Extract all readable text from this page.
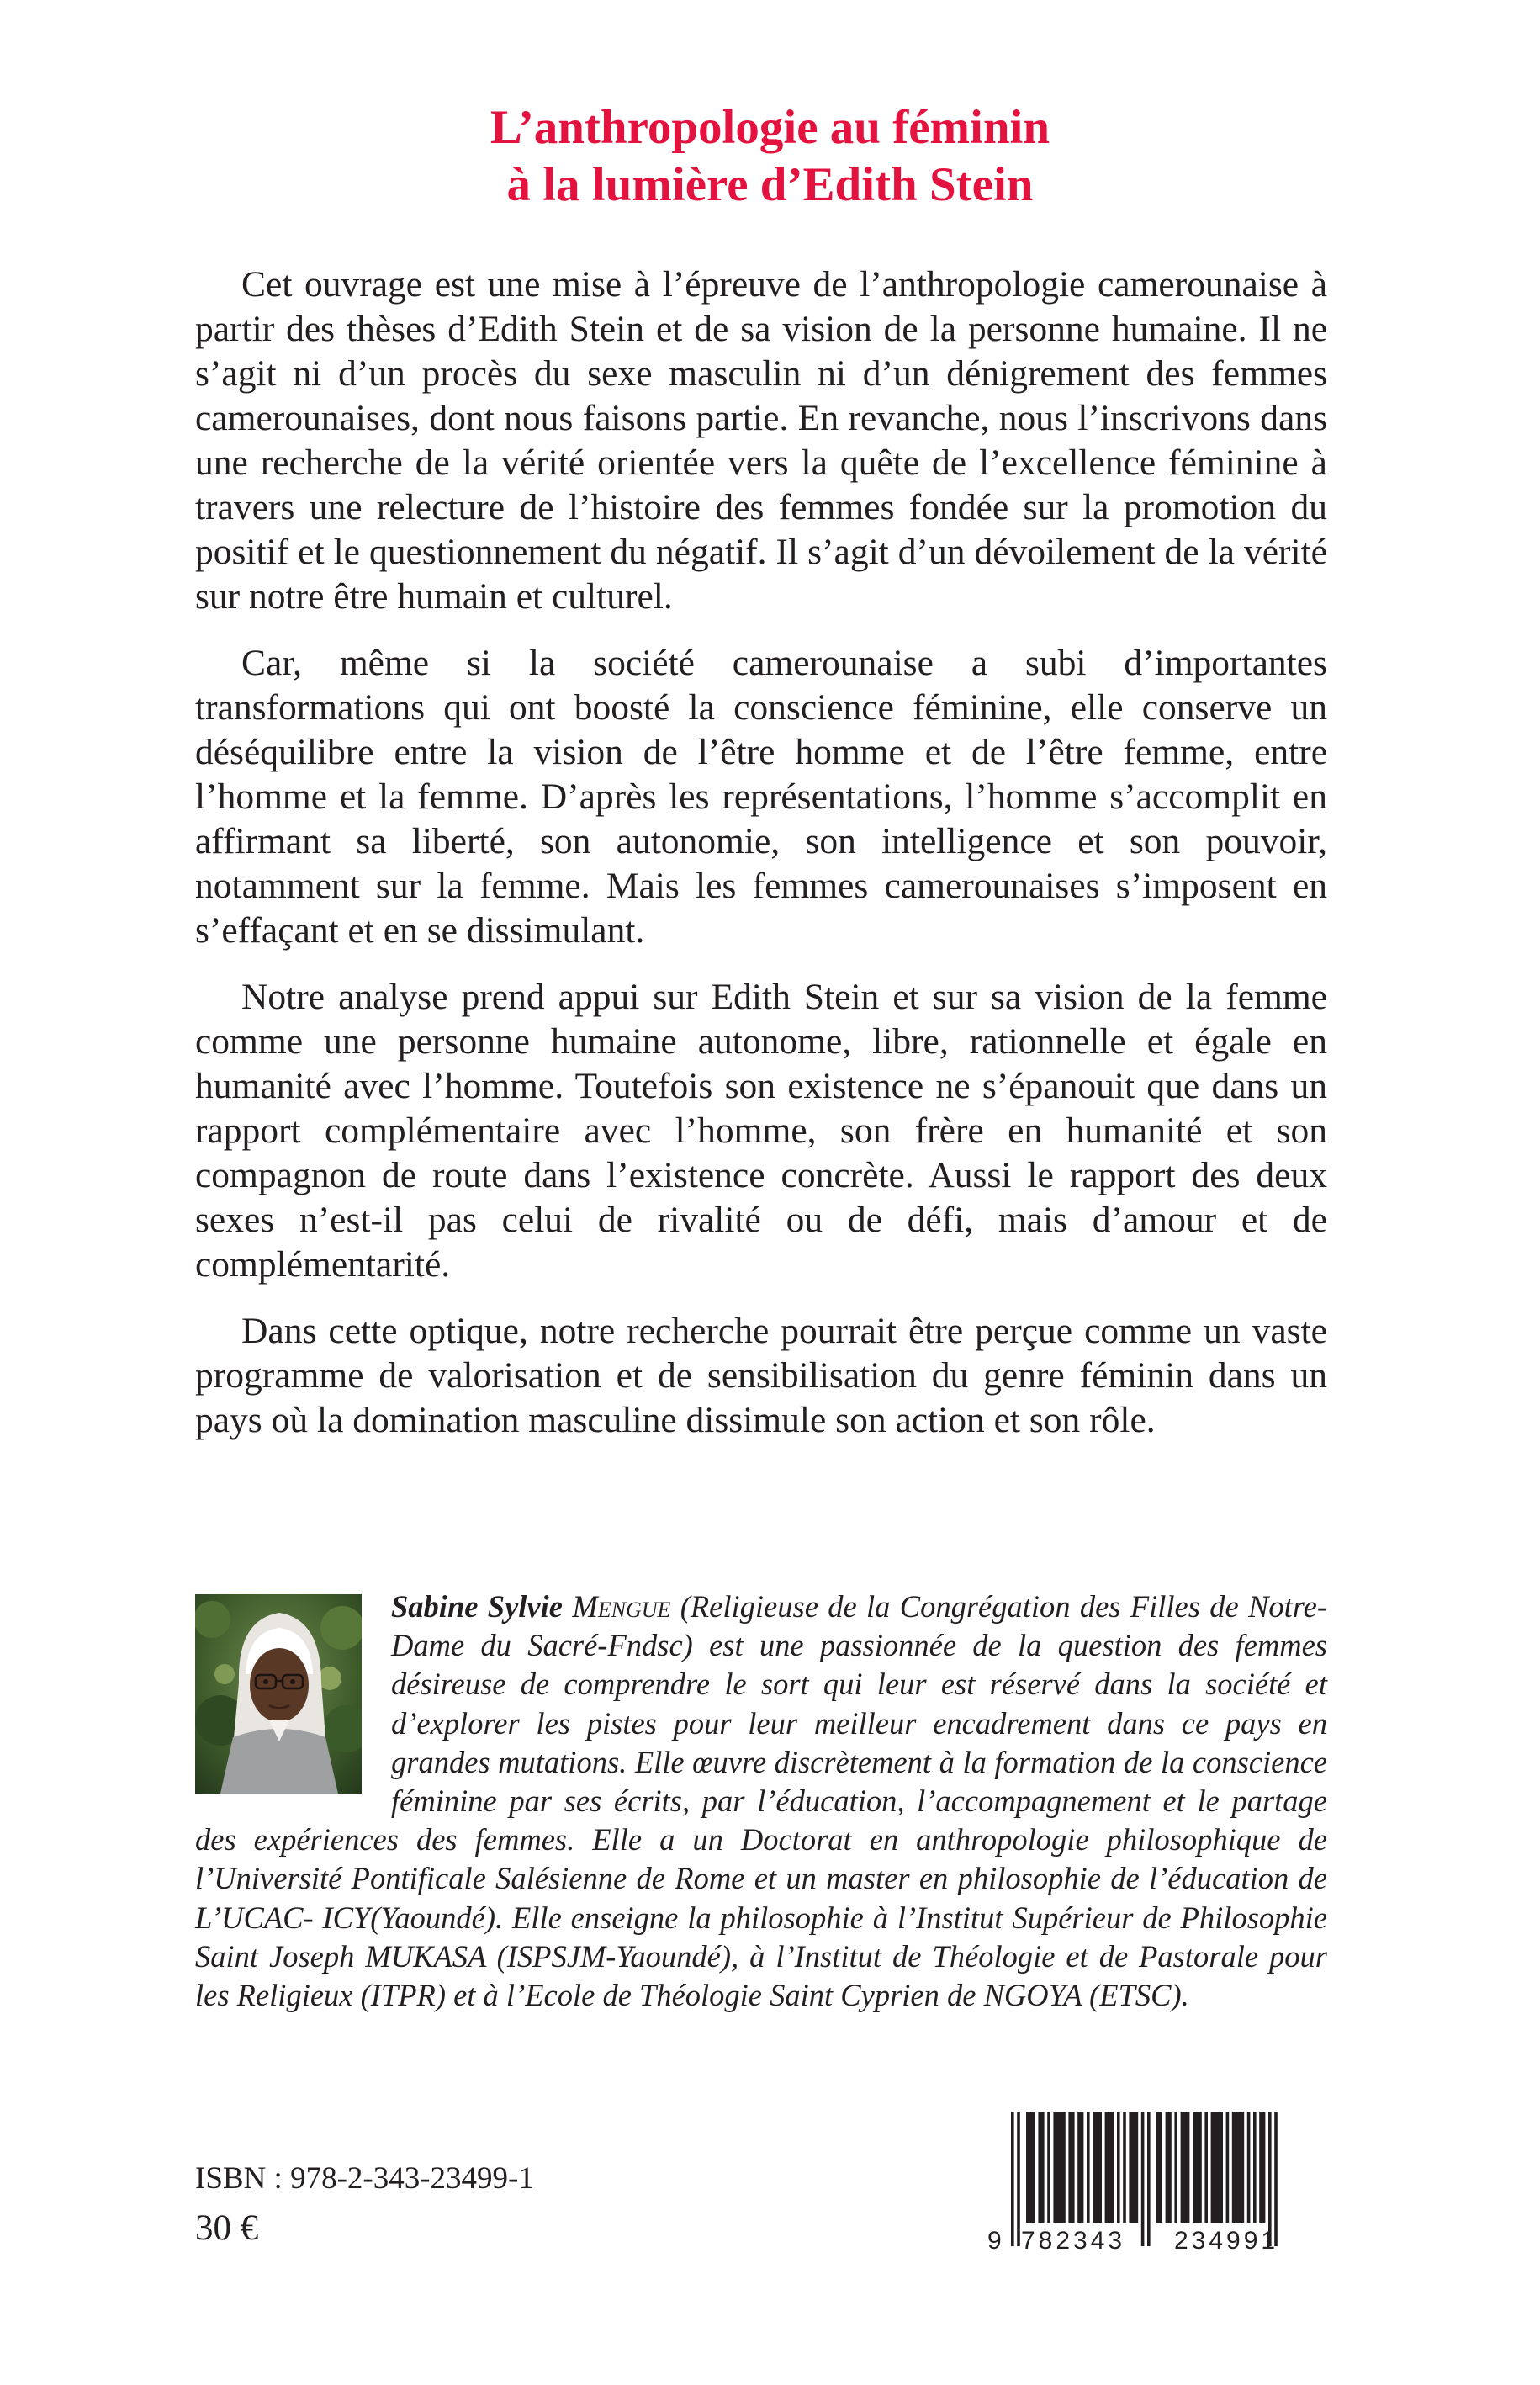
L’anthropologie au féminin
à la lumière d’Edith Stein

Cet ouvrage est une mise à l’épreuve de l’anthropologie camerounaise à partir des thèses d’Edith Stein et de sa vision de la personne humaine. Il ne s’agit ni d’un procès du sexe masculin ni d’un dénigrement des femmes camerounaises, dont nous faisons partie. En revanche, nous l’inscrivons dans une recherche de la vérité orientée vers la quête de l’excellence féminine à travers une relecture de l’histoire des femmes fondée sur la promotion du positif et le questionnement du négatif. Il s’agit d’un dévoilement de la vérité sur notre être humain et culturel.

Car, même si la société camerounaise a subi d’importantes transformations qui ont boosté la conscience féminine, elle conserve un déséquilibre entre la vision de l’être homme et de l’être femme, entre l’homme et la femme. D’après les représentations, l’homme s’accomplit en affirmant sa liberté, son autonomie, son intelligence et son pouvoir, notamment sur la femme. Mais les femmes camerounaises s’imposent en s’effaçant et en se dissimulant.

Notre analyse prend appui sur Edith Stein et sur sa vision de la femme comme une personne humaine autonome, libre, rationnelle et égale en humanité avec l’homme. Toutefois son existence ne s’épanouit que dans un rapport complémentaire avec l’homme, son frère en humanité et son compagnon de route dans l’existence concrète. Aussi le rapport des deux sexes n’est-il pas celui de rivalité ou de défi, mais d’amour et de complémentarité.

Dans cette optique, notre recherche pourrait être perçue comme un vaste programme de valorisation et de sensibilisation du genre féminin dans un pays où la domination masculine dissimule son action et son rôle.

Sabine Sylvie Mengue (Religieuse de la Congrégation des Filles de Notre-Dame du Sacré-Fndsc) est une passionnée de la question des femmes désireuse de comprendre le sort qui leur est réservé dans la société et d’explorer les pistes pour leur meilleur encadrement dans ce pays en grandes mutations. Elle œuvre discrètement à la formation de la conscience féminine par ses écrits, par l’éducation, l’accompagnement et le partage des expériences des femmes. Elle a un Doctorat en anthropologie philosophique de l’Université Pontificale Salésienne de Rome et un master en philosophie de l’éducation de L’UCAC- ICY(Yaoundé). Elle enseigne la philosophie à l’Institut Supérieur de Philosophie Saint Joseph MUKASA (ISPSJM-Yaoundé), à l’Institut de Théologie et de Pastorale pour les Religieux (ITPR) et à l’Ecole de Théologie Saint Cyprien de NGOYA (ETSC).
ISBN : 978-2-343-23499-1
30 €	9 782343 234991
